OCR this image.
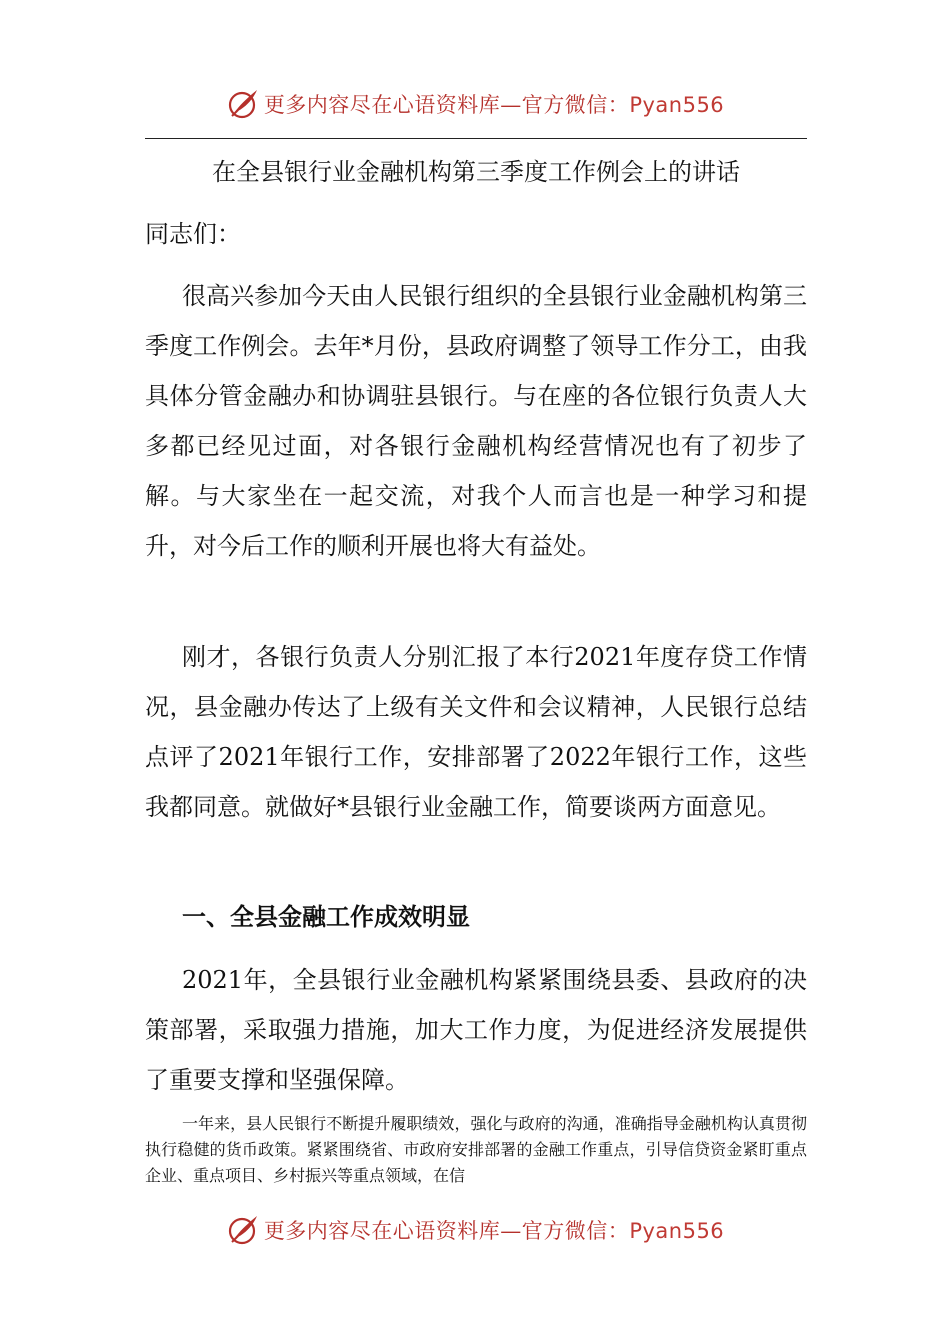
更多内容尽在心语资料库—官方微信：Pyan556
在全县银行业金融机构第三季度工作例会上的讲话
同志们：

很高兴参加今天由人民银行组织的全县银行业金融机构第三季度工作例会。去年*月份，县政府调整了领导工作分工，由我具体分管金融办和协调驻县银行。与在座的各位银行负责人大多都已经见过面，对各银行金融机构经营情况也有了初步了解。与大家坐在一起交流，对我个人而言也是一种学习和提升，对今后工作的顺利开展也将大有益处。

刚才，各银行负责人分别汇报了本行2021年度存贷工作情况，县金融办传达了上级有关文件和会议精神，人民银行总结点评了2021年银行工作，安排部署了2022年银行工作，这些我都同意。就做好*县银行业金融工作，简要谈两方面意见。

一、全县金融工作成效明显

2021年，全县银行业金融机构紧紧围绕县委、县政府的决策部署，采取强力措施，加大工作力度，为促进经济发展提供了重要支撑和坚强保障。

一年来，县人民银行不断提升履职绩效，强化与政府的沟通，准确指导金融机构认真贯彻执行稳健的货币政策。紧紧围绕省、市政府安排部署的金融工作重点，引导信贷资金紧盯重点企业、重点项目、乡村振兴等重点领域，在信

更多内容尽在心语资料库—官方微信：Pyan556
